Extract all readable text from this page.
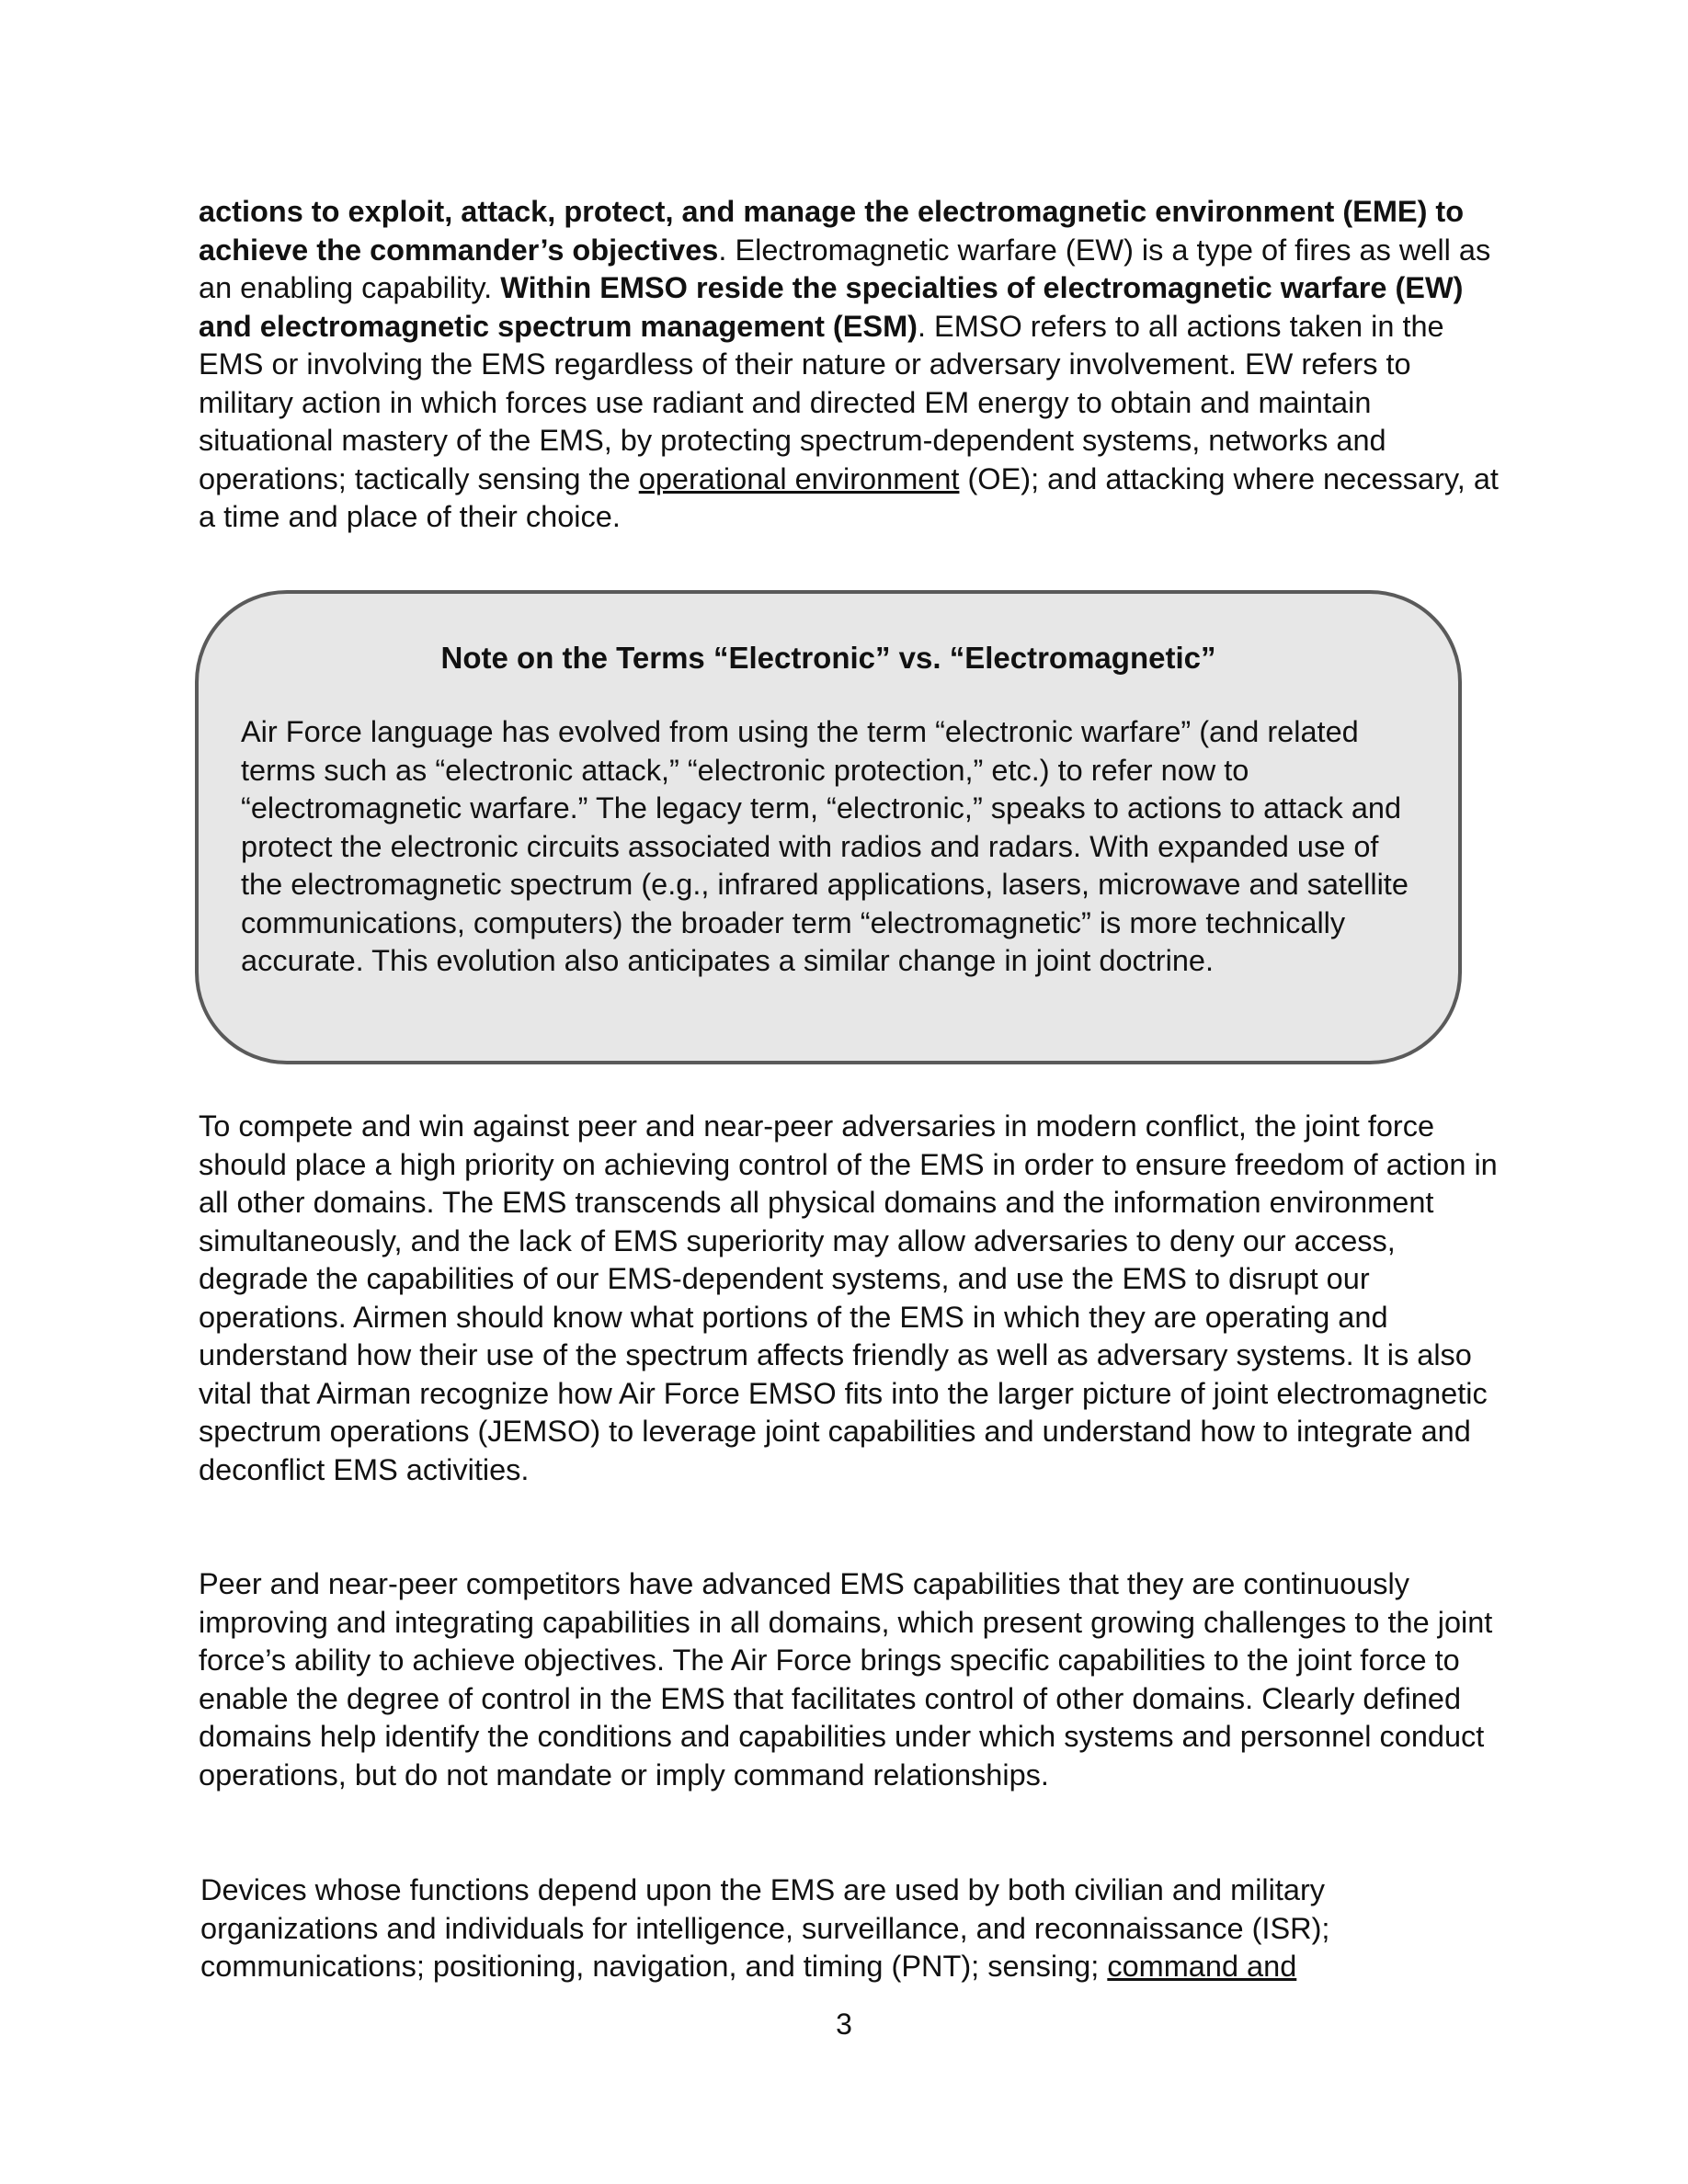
actions to exploit, attack, protect, and manage the electromagnetic environment (EME) to achieve the commander’s objectives. Electromagnetic warfare (EW) is a type of fires as well as an enabling capability. Within EMSO reside the specialties of electromagnetic warfare (EW) and electromagnetic spectrum management (ESM). EMSO refers to all actions taken in the EMS or involving the EMS regardless of their nature or adversary involvement. EW refers to military action in which forces use radiant and directed EM energy to obtain and maintain situational mastery of the EMS, by protecting spectrum-dependent systems, networks and operations; tactically sensing the operational environment (OE); and attacking where necessary, at a time and place of their choice.

Note on the Terms “Electronic” vs. “Electromagnetic”

Air Force language has evolved from using the term “electronic warfare” (and related terms such as “electronic attack,” “electronic protection,” etc.) to refer now to “electromagnetic warfare.” The legacy term, “electronic,” speaks to actions to attack and protect the electronic circuits associated with radios and radars. With expanded use of the electromagnetic spectrum (e.g., infrared applications, lasers, microwave and satellite communications, computers) the broader term “electromagnetic” is more technically accurate. This evolution also anticipates a similar change in joint doctrine.

To compete and win against peer and near-peer adversaries in modern conflict, the joint force should place a high priority on achieving control of the EMS in order to ensure freedom of action in all other domains. The EMS transcends all physical domains and the information environment simultaneously, and the lack of EMS superiority may allow adversaries to deny our access, degrade the capabilities of our EMS-dependent systems, and use the EMS to disrupt our operations. Airmen should know what portions of the EMS in which they are operating and understand how their use of the spectrum affects friendly as well as adversary systems. It is also vital that Airman recognize how Air Force EMSO fits into the larger picture of joint electromagnetic spectrum operations (JEMSO) to leverage joint capabilities and understand how to integrate and deconflict EMS activities.

Peer and near-peer competitors have advanced EMS capabilities that they are continuously improving and integrating capabilities in all domains, which present growing challenges to the joint force’s ability to achieve objectives. The Air Force brings specific capabilities to the joint force to enable the degree of control in the EMS that facilitates control of other domains. Clearly defined domains help identify the conditions and capabilities under which systems and personnel conduct operations, but do not mandate or imply command relationships.

Devices whose functions depend upon the EMS are used by both civilian and military organizations and individuals for intelligence, surveillance, and reconnaissance (ISR); communications; positioning, navigation, and timing (PNT); sensing; command and

3
